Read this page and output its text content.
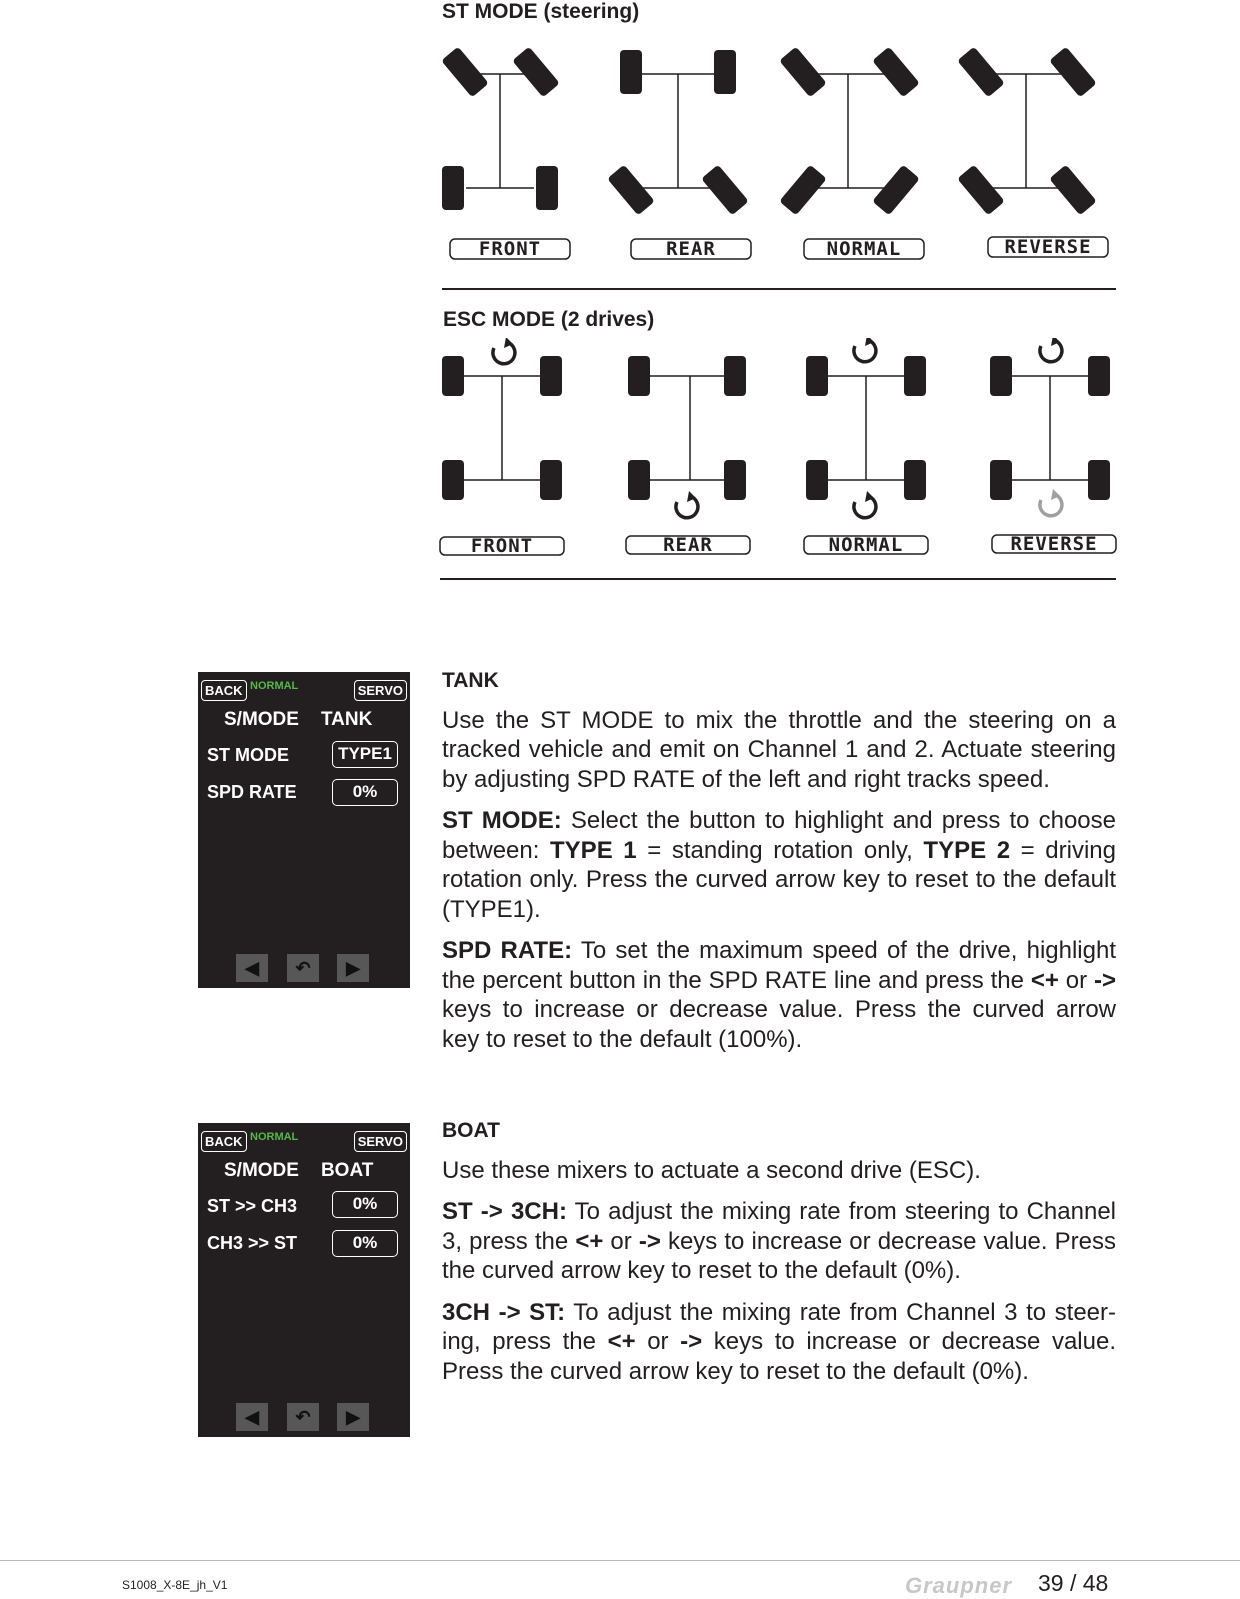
ST MODE (steering)
FRONT	REAR	NORMAL	REVERSE
ESC MODE (2 drives)
FRONT	REAR	NORMAL	REVERSE
BACK NORMAL	SERVO
S/MODE TANK
ST MODE	TYPE1
SPD RATE	0%
◀	↶	▶
TANK

Use the ST MODE to mix the throttle and the steering on a tracked vehicle and emit on Channel 1 and 2. Actuate steering by adjusting SPD RATE of the left and right tracks speed.

ST MODE: Select the button to highlight and press to choose between: TYPE 1 = standing rotation only, TYPE 2 = driving rotation only. Press the curved arrow key to reset to the default (TYPE1).

SPD RATE: To set the maximum speed of the drive, highlight the percent button in the SPD RATE line and press the <+ or -> keys to increase or decrease value. Press the curved arrow key to reset to the default (100%).

BACK NORMAL	SERVO
S/MODE BOAT
ST >> CH3	0%
CH3 >> ST	0%
◀	↶	▶
BOAT

Use these mixers to actuate a second drive (ESC).

ST -> 3CH: To adjust the mixing rate from steering to Channel 3, press the <+ or -> keys to increase or decrease value. Press the curved arrow key to reset to the default (0%).

3CH -> ST: To adjust the mixing rate from Channel 3 to steer-ing, press the <+ or -> keys to increase or decrease value. Press the curved arrow key to reset to the default (0%).

S1008_X-8E_jh_V1	Graupner 39 / 48
